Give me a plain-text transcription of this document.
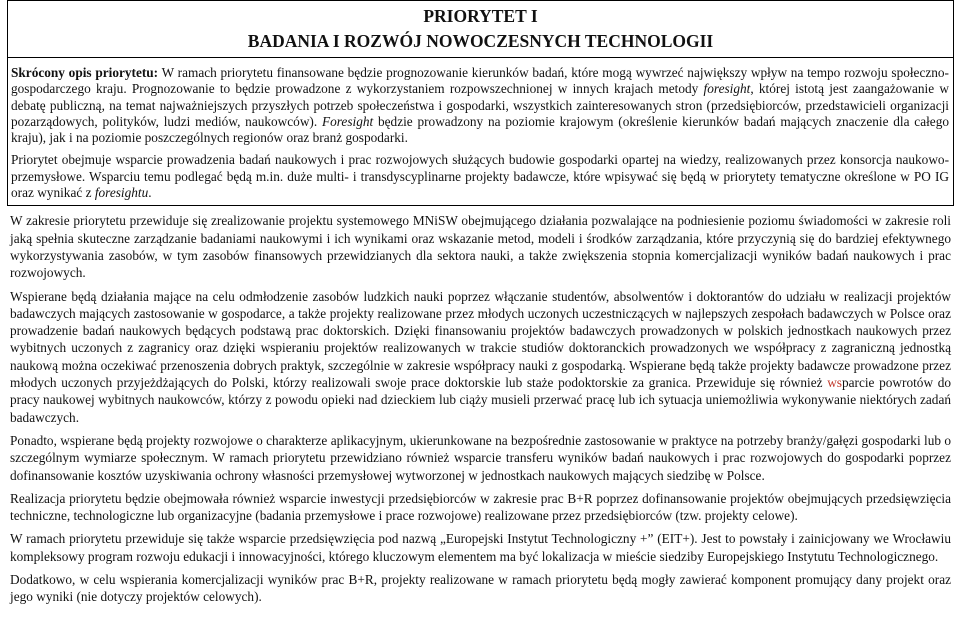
PRIORYTET I
BADANIA I ROZWÓJ NOWOCZESNYCH TECHNOLOGII

Skrócony opis priorytetu: W ramach priorytetu finansowane będzie prognozowanie kierunków badań, które mogą wywrzeć największy wpływ na tempo rozwoju społeczno-gospodarczego kraju. Prognozowanie to będzie prowadzone z wykorzystaniem rozpowszechnionej w innych krajach metody foresight, której istotą jest zaangażowanie w debatę publiczną, na temat najważniejszych przyszłych potrzeb społeczeństwa i gospodarki, wszystkich zainteresowanych stron (przedsiębiorców, przedstawicieli organizacji pozarządowych, polityków, ludzi mediów, naukowców). Foresight będzie prowadzony na poziomie krajowym (określenie kierunków badań mających znaczenie dla całego kraju), jak i na poziomie poszczególnych regionów oraz branż gospodarki.

Priorytet obejmuje wsparcie prowadzenia badań naukowych i prac rozwojowych służących budowie gospodarki opartej na wiedzy, realizowanych przez konsorcja naukowo-przemysłowe. Wsparciu temu podlegać będą m.in. duże multi- i transdyscyplinarne projekty badawcze, które wpisywać się będą w priorytety tematyczne określone w PO IG oraz wynikać z foresightu.

W zakresie priorytetu przewiduje się zrealizowanie projektu systemowego MNiSW obejmującego działania pozwalające na podniesienie poziomu świadomości w zakresie roli jaką spełnia skuteczne zarządzanie badaniami naukowymi i ich wynikami oraz wskazanie metod, modeli i środków zarządzania, które przyczynią się do bardziej efektywnego wykorzystywania zasobów, w tym zasobów finansowych przewidzianych dla sektora nauki, a także zwiększenia stopnia komercjalizacji wyników badań naukowych i prac rozwojowych.

Wspierane będą działania mające na celu odmłodzenie zasobów ludzkich nauki poprzez włączanie studentów, absolwentów i doktorantów do udziału w realizacji projektów badawczych mających zastosowanie w gospodarce, a także projekty realizowane przez młodych uczonych uczestniczących w najlepszych zespołach badawczych w Polsce oraz prowadzenie badań naukowych będących podstawą prac doktorskich. Dzięki finansowaniu projektów badawczych prowadzonych w polskich jednostkach naukowych przez wybitnych uczonych z zagranicy oraz dzięki wspieraniu projektów realizowanych w trakcie studiów doktoranckich prowadzonych we współpracy z zagraniczną jednostką naukową można oczekiwać przenoszenia dobrych praktyk, szczególnie w zakresie współpracy nauki z gospodarką. Wspierane będą także projekty badawcze prowadzone przez młodych uczonych przyjeżdżających do Polski, którzy realizowali swoje prace doktorskie lub staże podoktorskie za granica. Przewiduje się również wsparcie powrotów do pracy naukowej wybitnych naukowców, którzy z powodu opieki nad dzieckiem lub ciąży musieli przerwać pracę lub ich sytuacja uniemożliwia wykonywanie niektórych zadań badawczych.

Ponadto, wspierane będą projekty rozwojowe o charakterze aplikacyjnym, ukierunkowane na bezpośrednie zastosowanie w praktyce na potrzeby branży/gałęzi gospodarki lub o szczególnym wymiarze społecznym. W ramach priorytetu przewidziano również wsparcie transferu wyników badań naukowych i prac rozwojowych do gospodarki poprzez dofinansowanie kosztów uzyskiwania ochrony własności przemysłowej wytworzonej w jednostkach naukowych mających siedzibę w Polsce.

Realizacja priorytetu będzie obejmowała również wsparcie inwestycji przedsiębiorców w zakresie prac B+R poprzez dofinansowanie projektów obejmujących przedsięwzięcia techniczne, technologiczne lub organizacyjne (badania przemysłowe i prace rozwojowe) realizowane przez przedsiębiorców (tzw. projekty celowe).

W ramach priorytetu przewiduje się także wsparcie przedsięwzięcia pod nazwą „Europejski Instytut Technologiczny +” (EIT+). Jest to powstały i zainicjowany we Wrocławiu kompleksowy program rozwoju edukacji i innowacyjności, którego kluczowym elementem ma być lokalizacja w mieście siedziby Europejskiego Instytutu Technologicznego.

Dodatkowo, w celu wspierania komercjalizacji wyników prac B+R, projekty realizowane w ramach priorytetu będą mogły zawierać komponent promujący dany projekt oraz jego wyniki (nie dotyczy projektów celowych).
